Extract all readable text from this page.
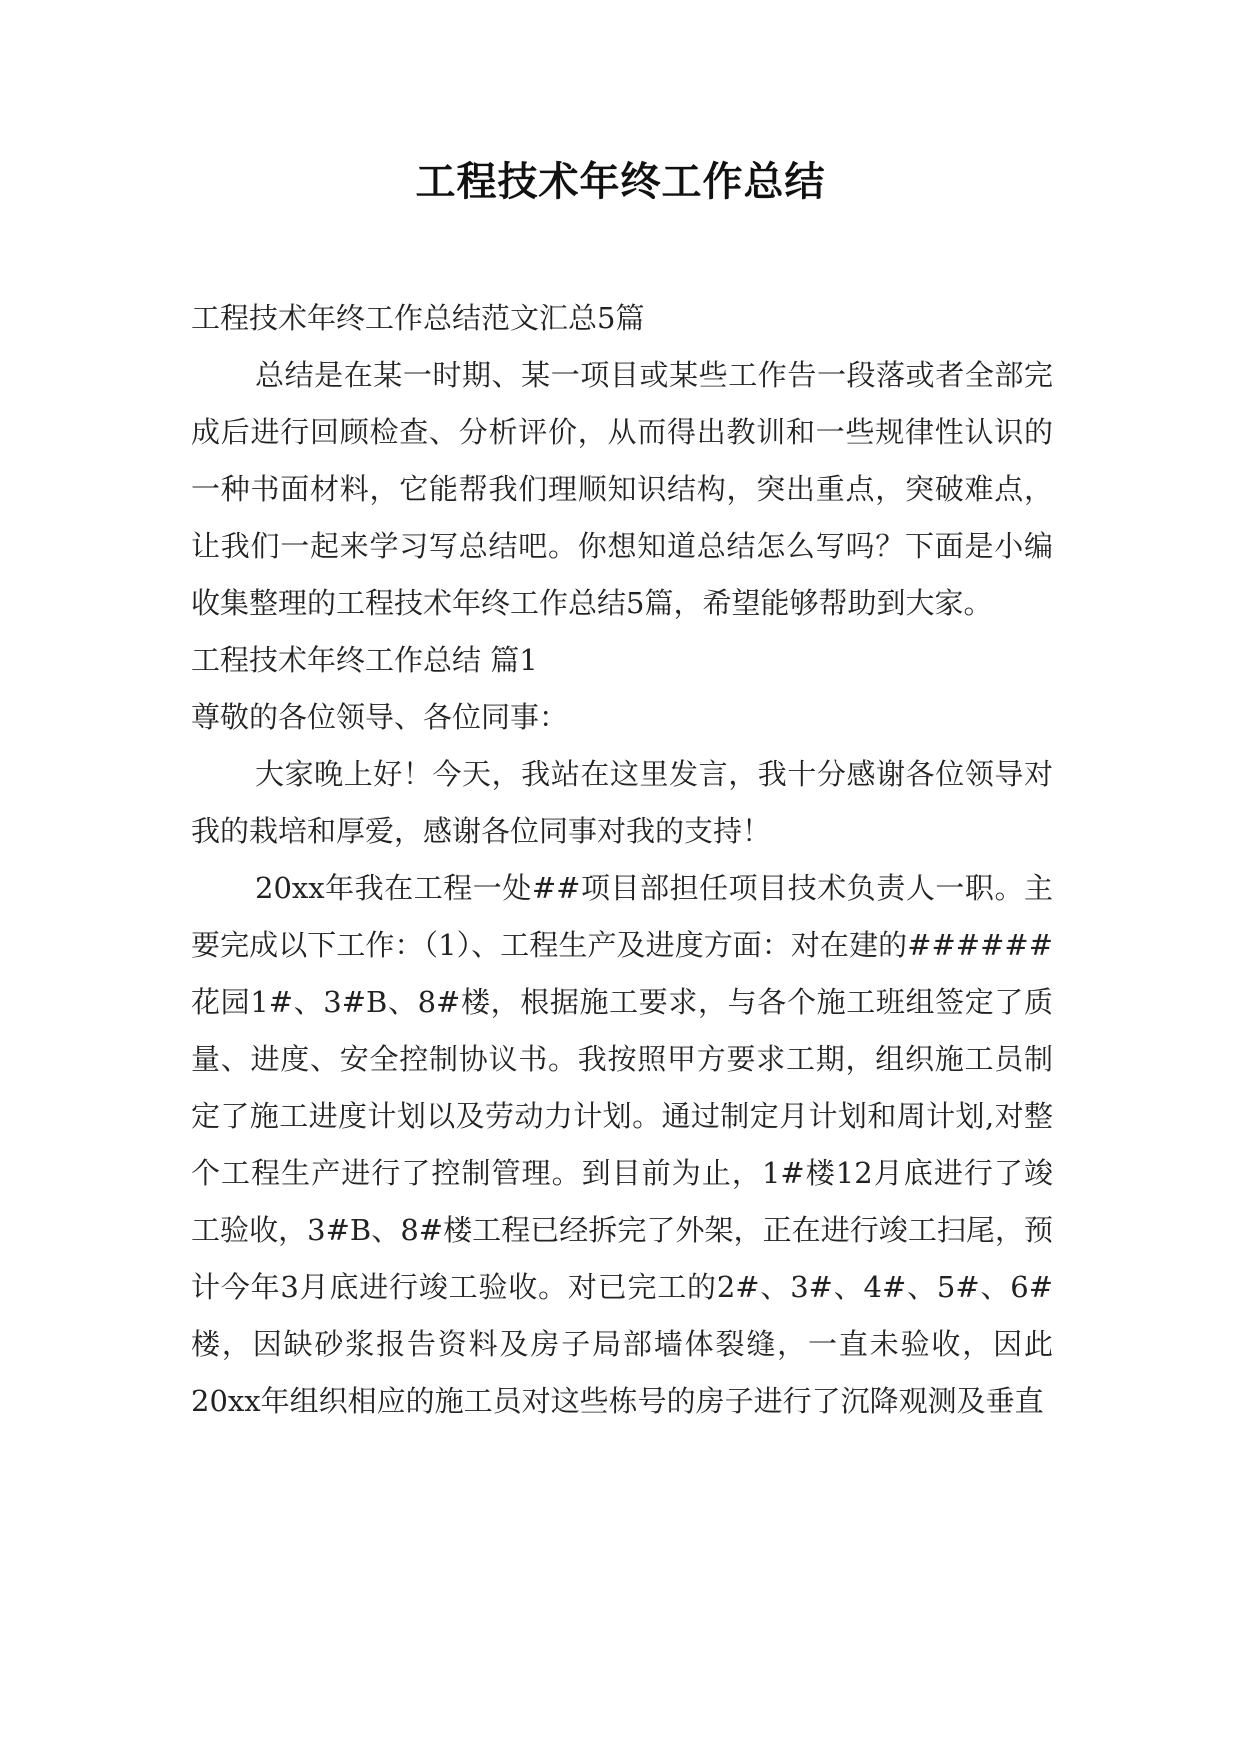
工程技术年终工作总结

工程技术年终工作总结范文汇总5篇

总结是在某一时期、某一项目或某些工作告一段落或者全部完成后进行回顾检查、分析评价，从而得出教训和一些规律性认识的一种书面材料，它能帮我们理顺知识结构，突出重点，突破难点，让我们一起来学习写总结吧。你想知道总结怎么写吗？下面是小编收集整理的工程技术年终工作总结5篇，希望能够帮助到大家。

工程技术年终工作总结 篇1

尊敬的各位领导、各位同事：

大家晚上好！今天，我站在这里发言，我十分感谢各位领导对我的栽培和厚爱，感谢各位同事对我的支持！

20xx年我在工程一处##项目部担任项目技术负责人一职。主要完成以下工作：（1）、工程生产及进度方面：对在建的######花园1#、3#B、8#楼，根据施工要求，与各个施工班组签定了质量、进度、安全控制协议书。我按照甲方要求工期，组织施工员制定了施工进度计划以及劳动力计划。通过制定月计划和周计划,对整个工程生产进行了控制管理。到目前为止，1#楼12月底进行了竣工验收，3#B、8#楼工程已经拆完了外架，正在进行竣工扫尾，预计今年3月底进行竣工验收。对已完工的2#、3#、4#、5#、6#楼，因缺砂浆报告资料及房子局部墙体裂缝，一直未验收，因此20xx年组织相应的施工员对这些栋号的房子进行了沉降观测及垂直
